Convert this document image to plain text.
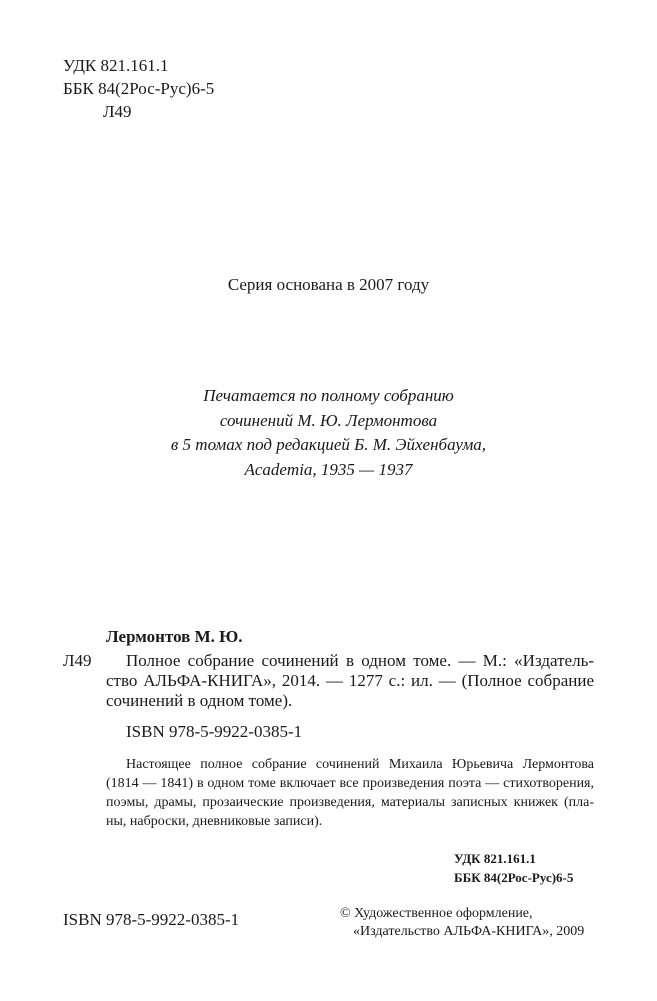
УДК 821.161.1
ББК 84(2Рос-Рус)6-5
Л49
Серия основана в 2007 году
Печатается по полному собранию
сочинений М. Ю. Лермонтова
в 5 томах под редакцией Б. М. Эйхенбаума,
Academia, 1935 — 1937
Лермонтов М. Ю.
Л49	Полное собрание сочинений в одном томе. — М.: «Издатель-
ство АЛЬФА-КНИГА», 2014. — 1277 с.: ил. — (Полное собрание
сочинений в одном томе).
ISBN 978-5-9922-0385-1
Настоящее полное собрание сочинений Михаила Юрьевича Лермонтова
(1814 — 1841) в одном томе включает все произведения поэта — стихотворения,
поэмы, драмы, прозаические произведения, материалы записных книжек (пла-
ны, наброски, дневниковые записи).
УДК 821.161.1
ББК 84(2Рос-Рус)6-5
ISBN 978-5-9922-0385-1	© Художественное оформление,
«Издательство АЛЬФА-КНИГА», 2009
